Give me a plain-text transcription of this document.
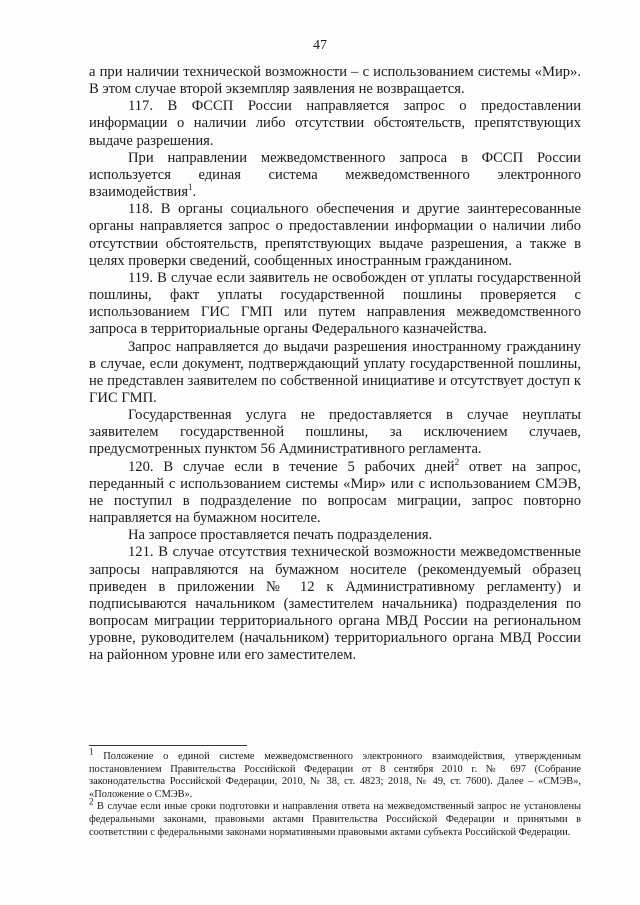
47

а при наличии технической возможности – с использованием системы «Мир». В этом случае второй экземпляр заявления не возвращается.

117. В ФССП России направляется запрос о предоставлении информации о наличии либо отсутствии обстоятельств, препятствующих выдаче разрешения.

При направлении межведомственного запроса в ФССП России используется единая система межведомственного электронного взаимодействия$^1$.

118. В органы социального обеспечения и другие заинтересованные органы направляется запрос о предоставлении информации о наличии либо отсутствии обстоятельств, препятствующих выдаче разрешения, а также в целях проверки сведений, сообщенных иностранным гражданином.

119. В случае если заявитель не освобожден от уплаты государственной пошлины, факт уплаты государственной пошлины проверяется с использованием ГИС ГМП или путем направления межведомственного запроса в территориальные органы Федерального казначейства.

Запрос направляется до выдачи разрешения иностранному гражданину в случае, если документ, подтверждающий уплату государственной пошлины, не представлен заявителем по собственной инициативе и отсутствует доступ к ГИС ГМП.

Государственная услуга не предоставляется в случае неуплаты заявителем государственной пошлины, за исключением случаев, предусмотренных пунктом 56 Административного регламента.

120. В случае если в течение 5 рабочих дней$^2$ ответ на запрос, переданный с использованием системы «Мир» или с использованием СМЭВ, не поступил в подразделение по вопросам миграции, запрос повторно направляется на бумажном носителе.

На запросе проставляется печать подразделения.

121. В случае отсутствия технической возможности межведомственные запросы направляются на бумажном носителе (рекомендуемый образец приведен в приложении № 12 к Административному регламенту) и подписываются начальником (заместителем начальника) подразделения по вопросам миграции территориального органа МВД России на региональном уровне, руководителем (начальником) территориального органа МВД России на районном уровне или его заместителем.

$^1$ Положение о единой системе межведомственного электронного взаимодействия, утвержденным постановлением Правительства Российской Федерации от 8 сентября 2010 г. № 697 (Собрание законодательства Российской Федерации, 2010, № 38, ст. 4823; 2018, № 49, ст. 7600). Далее – «СМЭВ», «Положение о СМЭВ».

$^2$ В случае если иные сроки подготовки и направления ответа на межведомственный запрос не установлены федеральными законами, правовыми актами Правительства Российской Федерации и принятыми в соответствии с федеральными законами нормативными правовыми актами субъекта Российской Федерации.
